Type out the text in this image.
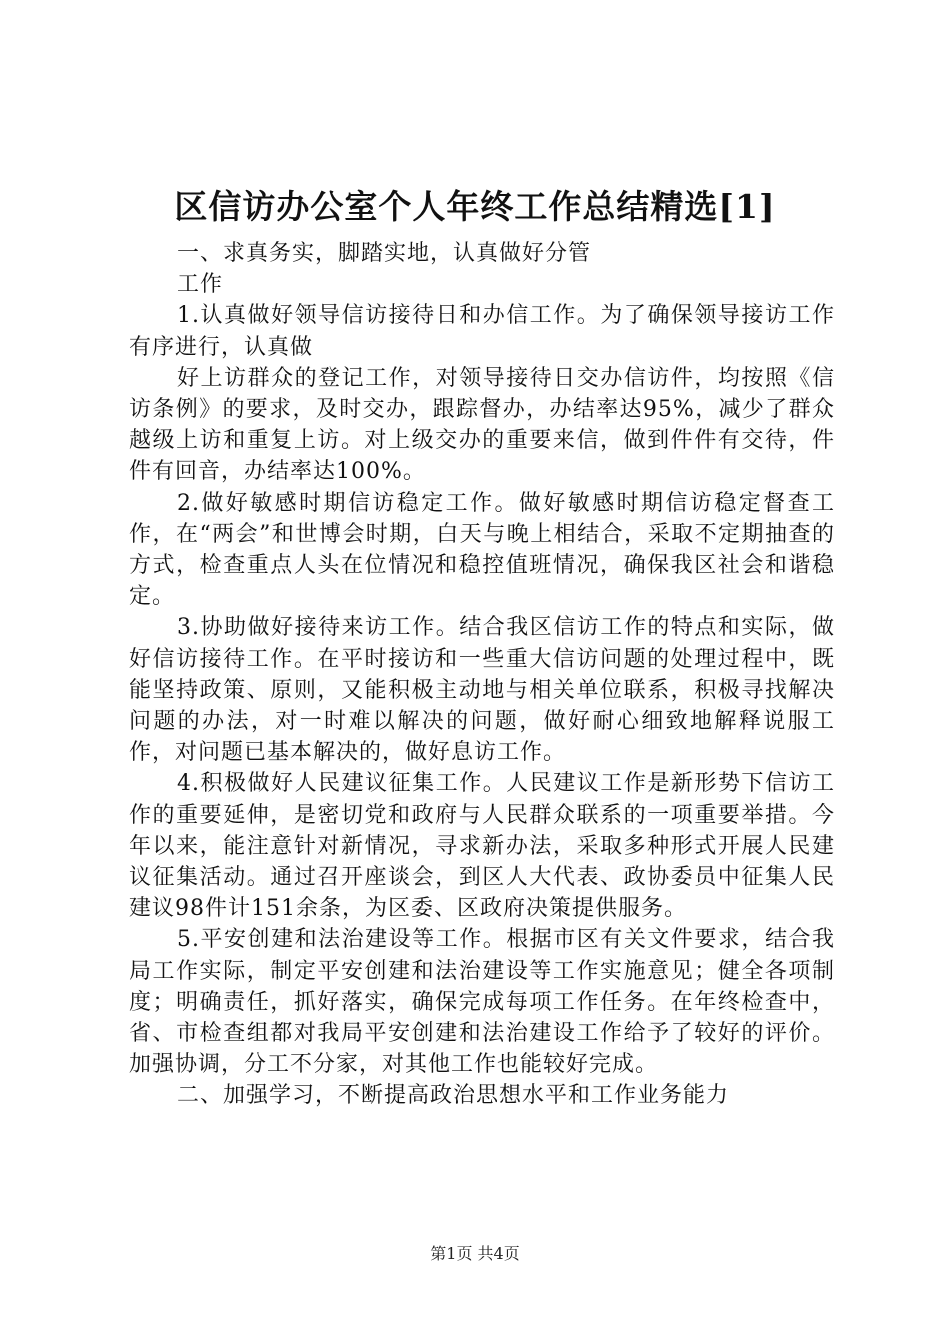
区信访办公室个人年终工作总结精选[1]

一、求真务实，脚踏实地，认真做好分管

工作

1.认真做好领导信访接待日和办信工作。为了确保领导接访工作有序进行，认真做

好上访群众的登记工作，对领导接待日交办信访件，均按照《信访条例》的要求，及时交办，跟踪督办，办结率达95%，减少了群众越级上访和重复上访。对上级交办的重要来信，做到件件有交待，件件有回音，办结率达100%。

2.做好敏感时期信访稳定工作。做好敏感时期信访稳定督查工作，在“两会”和世博会时期，白天与晚上相结合，采取不定期抽查的方式，检查重点人头在位情况和稳控值班情况，确保我区社会和谐稳定。

3.协助做好接待来访工作。结合我区信访工作的特点和实际，做好信访接待工作。在平时接访和一些重大信访问题的处理过程中，既能坚持政策、原则，又能积极主动地与相关单位联系，积极寻找解决问题的办法，对一时难以解决的问题，做好耐心细致地解释说服工作，对问题已基本解决的，做好息访工作。

4.积极做好人民建议征集工作。人民建议工作是新形势下信访工作的重要延伸，是密切党和政府与人民群众联系的一项重要举措。今年以来，能注意针对新情况，寻求新办法，采取多种形式开展人民建议征集活动。通过召开座谈会，到区人大代表、政协委员中征集人民建议98件计151余条，为区委、区政府决策提供服务。

5.平安创建和法治建设等工作。根据市区有关文件要求，结合我局工作实际，制定平安创建和法治建设等工作实施意见；健全各项制度；明确责任，抓好落实，确保完成每项工作任务。在年终检查中，省、市检查组都对我局平安创建和法治建设工作给予了较好的评价。加强协调，分工不分家，对其他工作也能较好完成。

二、加强学习，不断提高政治思想水平和工作业务能力

第1页 共4页
